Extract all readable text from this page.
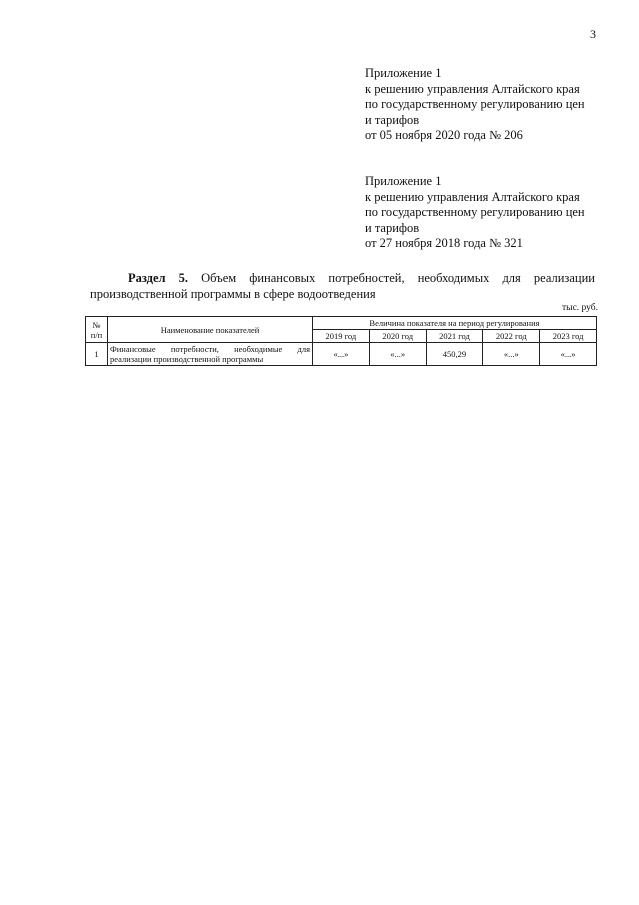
3
Приложение 1
к решению управления Алтайского края
по государственному регулированию цен
и тарифов
от 05 ноября 2020 года № 206
Приложение 1
к решению управления Алтайского края
по государственному регулированию цен
и тарифов
от 27 ноября 2018 года № 321
Раздел 5. Объем финансовых потребностей, необходимых для реализации
производственной программы в сфере водоотведения
тыс. руб.
№ п/п	Наименование показателей	Величина показателя на период регулирования				
		2019 год	2020 год	2021 год	2022 год	2023 год
1	Финансовые потребности, необходимые для реализации производственной программы	«...»	«...»	450,29	«...»	«...»
